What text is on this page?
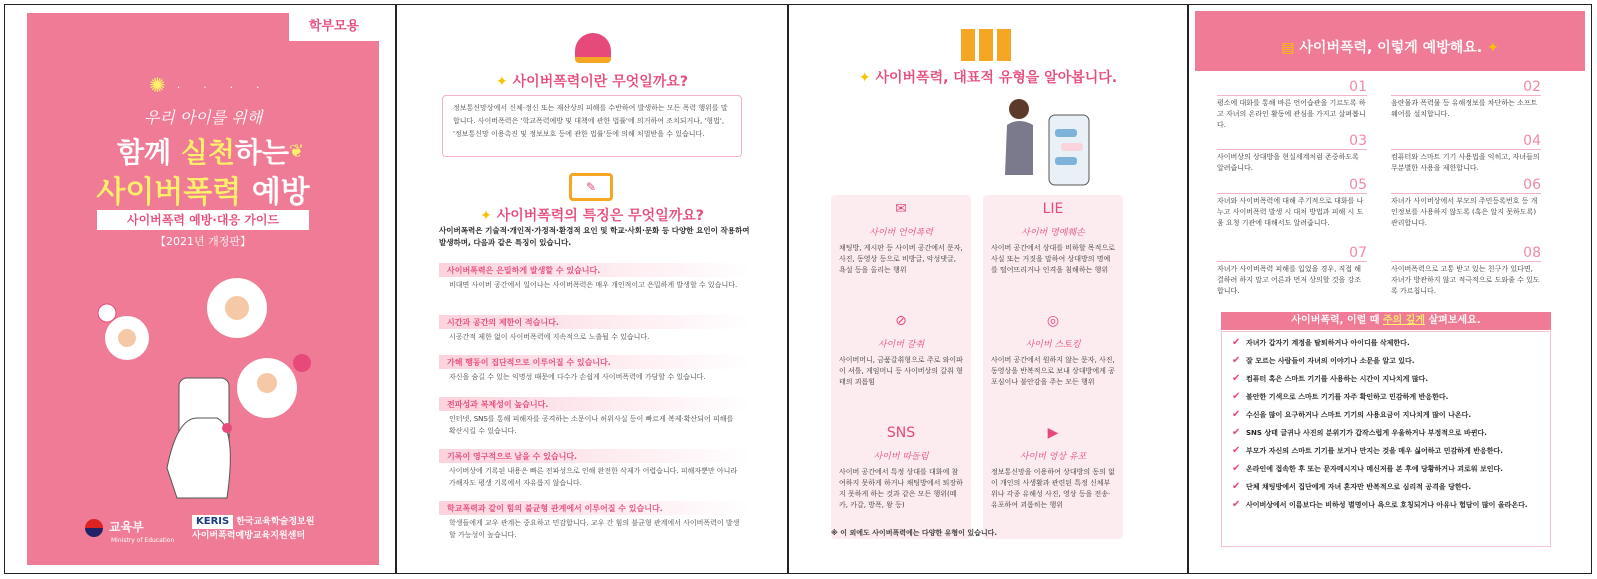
학부모용
✺ · · · ·
우리 아이를 위해
함께 실천하는
사이버폭력 예방
❦
사이버폭력 예방·대응 가이드
【2021년 개정판】
교육부
Ministry of Education
KERIS 한국교육학술정보원
사이버폭력예방교육지원센터
✦ 사이버폭력이란 무엇일까요?
정보통신망상에서 신체·정신 또는 재산상의 피해를 수반하여 발생하는 모든 폭력 행위를 말합니다. 사이버폭력은 '학교폭력예방 및 대책에 관한 법률'에 의거하여 조치되거나, '형법', '정보통신망 이용촉진 및 정보보호 등에 관한 법률'등에 의해 처벌받을 수 있습니다.
✎
✦ 사이버폭력의 특징은 무엇일까요?
사이버폭력은 기술적·개인적·가정적·환경적 요인 및 학교·사회·문화 등 다양한 요인이 작용하여 발생하며, 다음과 같은 특징이 있습니다.
사이버폭력은 은밀하게 발생할 수 있습니다.
비대면 사이버 공간에서 일어나는 사이버폭력은 매우 개인적이고 은밀하게 발생할 수 있습니다.
시간과 공간의 제한이 적습니다.
시공간적 제한 없이 사이버폭력에 지속적으로 노출될 수 있습니다.
가해 행동이 집단적으로 이루어질 수 있습니다.
자신을 숨길 수 있는 익명성 때문에 다수가 손쉽게 사이버폭력에 가담할 수 있습니다.
전파성과 복제성이 높습니다.
인터넷, SNS를 통해 피해자를 공격하는 소문이나 허위사실 등이 빠르게 복제·확산되어 피해를 확산시킬 수 있습니다.
기록이 영구적으로 남을 수 있습니다.
사이버상에 기록된 내용은 빠른 전파성으로 인해 완전한 삭제가 어렵습니다. 피해자뿐만 아니라 가해자도 평생 기록에서 자유롭지 않습니다.
학교폭력과 같이 힘의 불균형 관계에서 이루어질 수 있습니다.
학생들에게 교우 관계는 중요하고 민감합니다. 교우 간 힘의 불균형 관계에서 사이버폭력이 발생할 가능성이 높습니다.
✦ 사이버폭력, 대표적 유형을 알아봅니다.
✉
사이버 언어폭력
채팅방, 게시판 등 사이버 공간에서 문자, 사진, 동영상 등으로 비방글, 악성댓글, 욕설 등을 올리는 행위
LIE
사이버 명예훼손
사이버 공간에서 상대를 비하할 목적으로 사실 또는 거짓을 말하여 상대방의 명예를 떨어뜨리거나 인격을 침해하는 행위
⊘
사이버 갈취
사이버머니, 금품갈취형으로 주로 와이파이 셔틀, 게임머니 등 사이버상의 갈취 형태의 괴롭힘
◎
사이버 스토킹
사이버 공간에서 원하지 않는 문자, 사진, 동영상을 반복적으로 보내 상대방에게 공포심이나 불안감을 주는 모든 행위
SNS
사이버 따돌림
사이버 공간에서 특정 상대를 대화에 참여하지 못하게 하거나 채팅방에서 퇴장하지 못하게 하는 것과 같은 모든 행위(떼카, 카갈, 방폭, 왕 등)
▶
사이버 영상 유포
정보통신망을 이용하여 상대방의 동의 없이 개인의 사생활과 관련된 특정 신체부위나 각종 유해성 사진, 영상 등을 전송·유포하여 괴롭히는 행위
※ 이 외에도 사이버폭력에는 다양한 유형이 있습니다.
▤ 사이버폭력, 이렇게 예방해요. ✦
01
평소에 대화를 통해 바른 언어습관을 기르도록 하고 자녀의 온라인 활동에 관심을 가지고 살펴봅니다.
02
음란물과 폭력물 등 유해정보를 차단하는 소프트웨어를 설치합니다.
03
사이버상의 상대방을 현실세계처럼 존중하도록 알려줍니다.
04
컴퓨터와 스마트 기기 사용법을 익히고, 자녀들의 무분별한 사용을 제한합니다.
05
자녀와 사이버폭력에 대해 주기적으로 대화를 나누고 사이버폭력 발생 시 대처 방법과 피해 시 도움 요청 기관에 대해서도 알려줍니다.
06
자녀가 사이버상에서 부모의 주민등록번호 등 개인정보를 사용하지 않도록 (혹은 알지 못하도록) 관리합니다.
07
자녀가 사이버폭력 피해를 입었을 경우, 직접 해결하려 하지 말고 어른과 먼저 상의할 것을 강조합니다.
08
사이버폭력으로 고통 받고 있는 친구가 있다면, 자녀가 방관하지 않고 적극적으로 도와줄 수 있도록 가르칩니다.
사이버폭력, 이럴 때 주의 깊게 살펴보세요.
✔ 자녀가 갑자기 계정을 탈퇴하거나 아이디를 삭제한다.
✔ 잘 모르는 사람들이 자녀의 이야기나 소문을 알고 있다.
✔ 컴퓨터 혹은 스마트 기기를 사용하는 시간이 지나치게 많다.
✔ 불안한 기색으로 스마트 기기를 자주 확인하고 민감하게 반응한다.
✔ 수신을 많이 요구하거나 스마트 기기의 사용요금이 지나치게 많이 나온다.
✔ SNS 상태 글귀나 사진의 분위기가 갑작스럽게 우울하거나 부정적으로 바뀐다.
✔ 부모가 자신의 스마트 기기를 보거나 만지는 것을 매우 싫어하고 민감하게 반응한다.
✔ 온라인에 접속한 후 또는 문자메시지나 메신저를 본 후에 당황하거나 괴로워 보인다.
✔ 단체 채팅방에서 집단에게 자녀 혼자만 반복적으로 심리적 공격을 당한다.
✔ 사이버상에서 이름보다는 비하성 별명이나 욕으로 호칭되거나 아유나 험담이 많이 올라온다.
